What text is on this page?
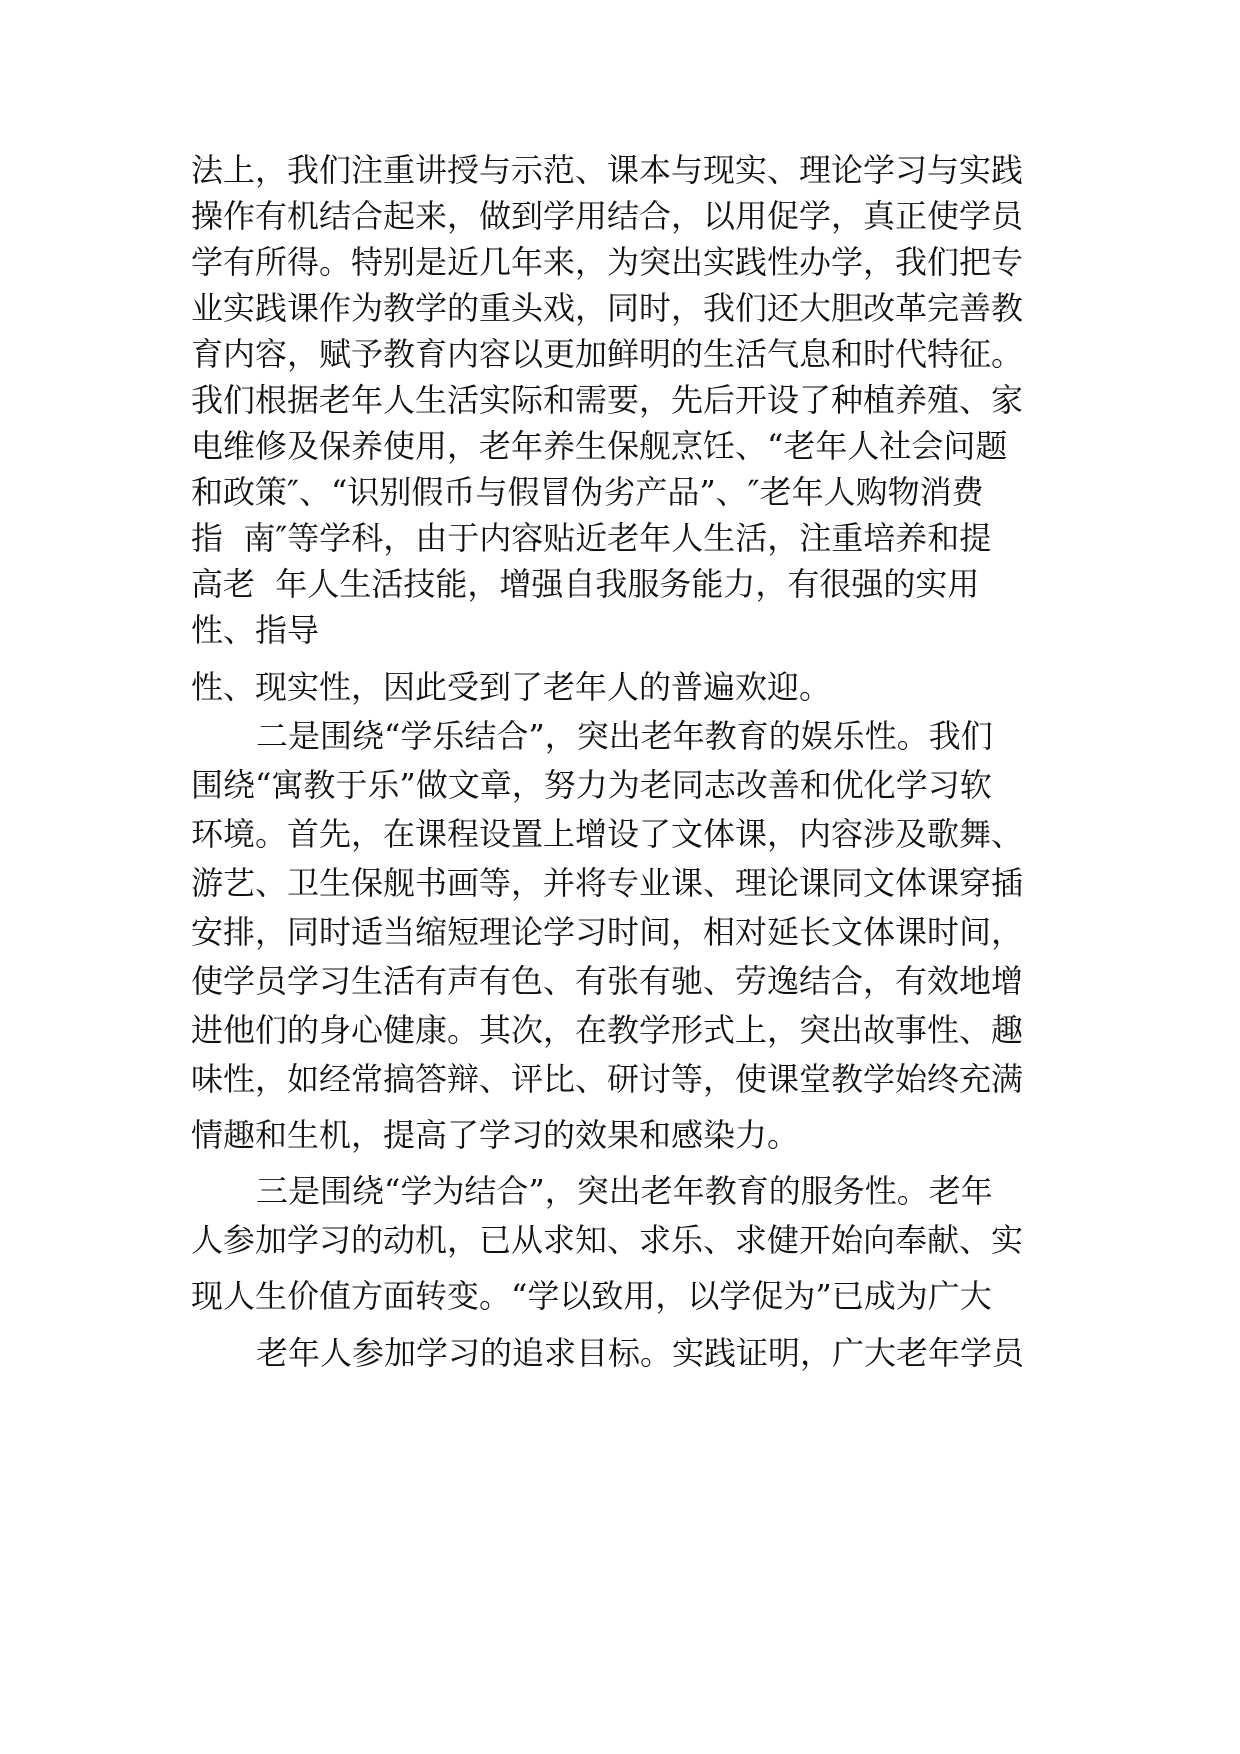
法上，我们注重讲授与示范、课本与现实、理论学习与实践

操作有机结合起来，做到学用结合，以用促学，真正使学员

学有所得。特别是近几年来，为突出实践性办学，我们把专

业实践课作为教学的重头戏，同时，我们还大胆改革完善教

育内容，赋予教育内容以更加鲜明的生活气息和时代特征。

我们根据老年人生活实际和需要，先后开设了种植养殖、家

电维修及保养使用，老年养生保舰烹饪、“老年人社会问题

和政策″、“识别假币与假冒伪劣产品”、″老年人购物消费

指  南″等学科，由于内容贴近老年人生活，注重培养和提

高老  年人生活技能，增强自我服务能力，有很强的实用

性、指导

性、现实性，因此受到了老年人的普遍欢迎。

二是围绕“学乐结合”，突出老年教育的娱乐性。我们

围绕“寓教于乐”做文章，努力为老同志改善和优化学习软

环境。首先，在课程设置上增设了文体课，内容涉及歌舞、

游艺、卫生保舰书画等，并将专业课、理论课同文体课穿插

安排，同时适当缩短理论学习时间，相对延长文体课时间，

使学员学习生活有声有色、有张有驰、劳逸结合，有效地增

进他们的身心健康。其次，在教学形式上，突出故事性、趣

味性，如经常搞答辩、评比、研讨等，使课堂教学始终充满

情趣和生机，提高了学习的效果和感染力。

三是围绕“学为结合”，突出老年教育的服务性。老年

人参加学习的动机，已从求知、求乐、求健开始向奉献、实

现人生价值方面转变。“学以致用，以学促为”已成为广大

老年人参加学习的追求目标。实践证明，广大老年学员
